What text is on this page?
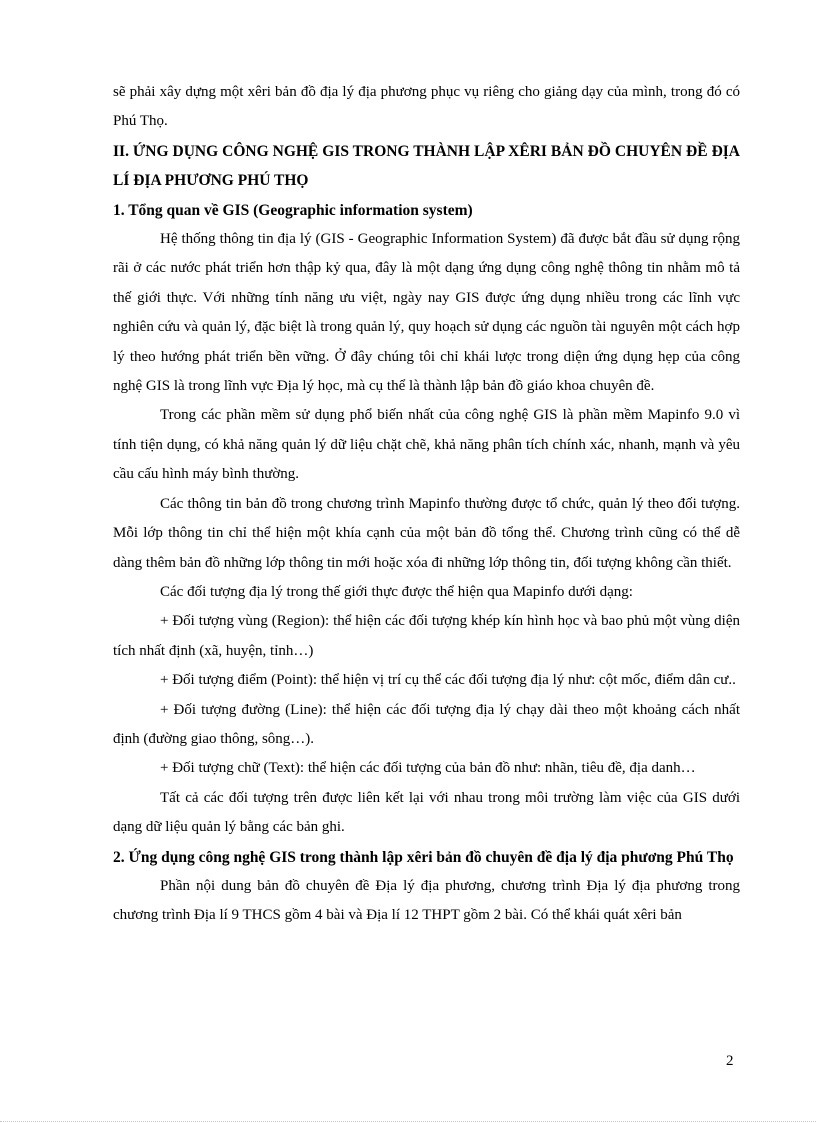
sẽ phải xây dựng một xêri bản đồ địa lý địa phương phục vụ riêng cho giảng dạy của mình, trong đó có Phú Thọ.

II. ỨNG DỤNG CÔNG NGHỆ GIS TRONG THÀNH LẬP XÊRI BẢN ĐỒ CHUYÊN ĐỀ ĐỊA LÍ ĐỊA PHƯƠNG PHÚ THỌ

1. Tổng quan về GIS (Geographic information system)

Hệ thống thông tin địa lý (GIS - Geographic Information System) đã được bắt đầu sử dụng rộng rãi ở các nước phát triển hơn thập kỷ qua, đây là một dạng ứng dụng công nghệ thông tin nhằm mô tả thế giới thực. Với những tính năng ưu việt, ngày nay GIS được ứng dụng nhiều trong các lĩnh vực nghiên cứu và quản lý, đặc biệt là trong quản lý, quy hoạch sử dụng các nguồn tài nguyên một cách hợp lý theo hướng phát triển bền vững. Ở đây chúng tôi chỉ khái lược trong diện ứng dụng hẹp của công nghệ GIS là trong lĩnh vực Địa lý học, mà cụ thể là thành lập bản đồ giáo khoa chuyên đề.

Trong các phần mềm sử dụng phổ biến nhất của công nghệ GIS là phần mềm Mapinfo 9.0 vì tính tiện dụng, có khả năng quản lý dữ liệu chặt chẽ, khả năng phân tích chính xác, nhanh, mạnh và yêu cầu cấu hình máy bình thường.

Các thông tin bản đồ trong chương trình Mapinfo thường được tổ chức, quản lý theo đối tượng. Mỗi lớp thông tin chỉ thể hiện một khía cạnh của một bản đồ tổng thể. Chương trình cũng có thể dễ dàng thêm bản đồ những lớp thông tin mới hoặc xóa đi những lớp thông tin, đối tượng không cần thiết.

Các đối tượng địa lý trong thế giới thực được thể hiện qua Mapinfo dưới dạng:

+ Đối tượng vùng (Region): thể hiện các đối tượng khép kín hình học và bao phủ một vùng diện tích nhất định (xã, huyện, tỉnh…)

+ Đối tượng điểm (Point): thể hiện vị trí cụ thể các đối tượng địa lý như: cột mốc, điểm dân cư..

+ Đối tượng đường (Line): thể hiện các đối tượng địa lý chạy dài theo một khoảng cách nhất định (đường giao thông, sông…).

+ Đối tượng chữ (Text): thể hiện các đối tượng của bản đồ như: nhãn, tiêu đề, địa danh…

Tất cả các đối tượng trên được liên kết lại với nhau trong môi trường làm việc của GIS dưới dạng dữ liệu quản lý bằng các bản ghi.

2. Ứng dụng công nghệ GIS trong thành lập xêri bản đồ chuyên đề địa lý địa phương Phú Thọ

Phần nội dung bản đồ chuyên đề Địa lý địa phương, chương trình Địa lý địa phương trong chương trình Địa lí 9 THCS gồm 4 bài và Địa lí 12 THPT gồm 2 bài. Có thể khái quát xêri bản

2
